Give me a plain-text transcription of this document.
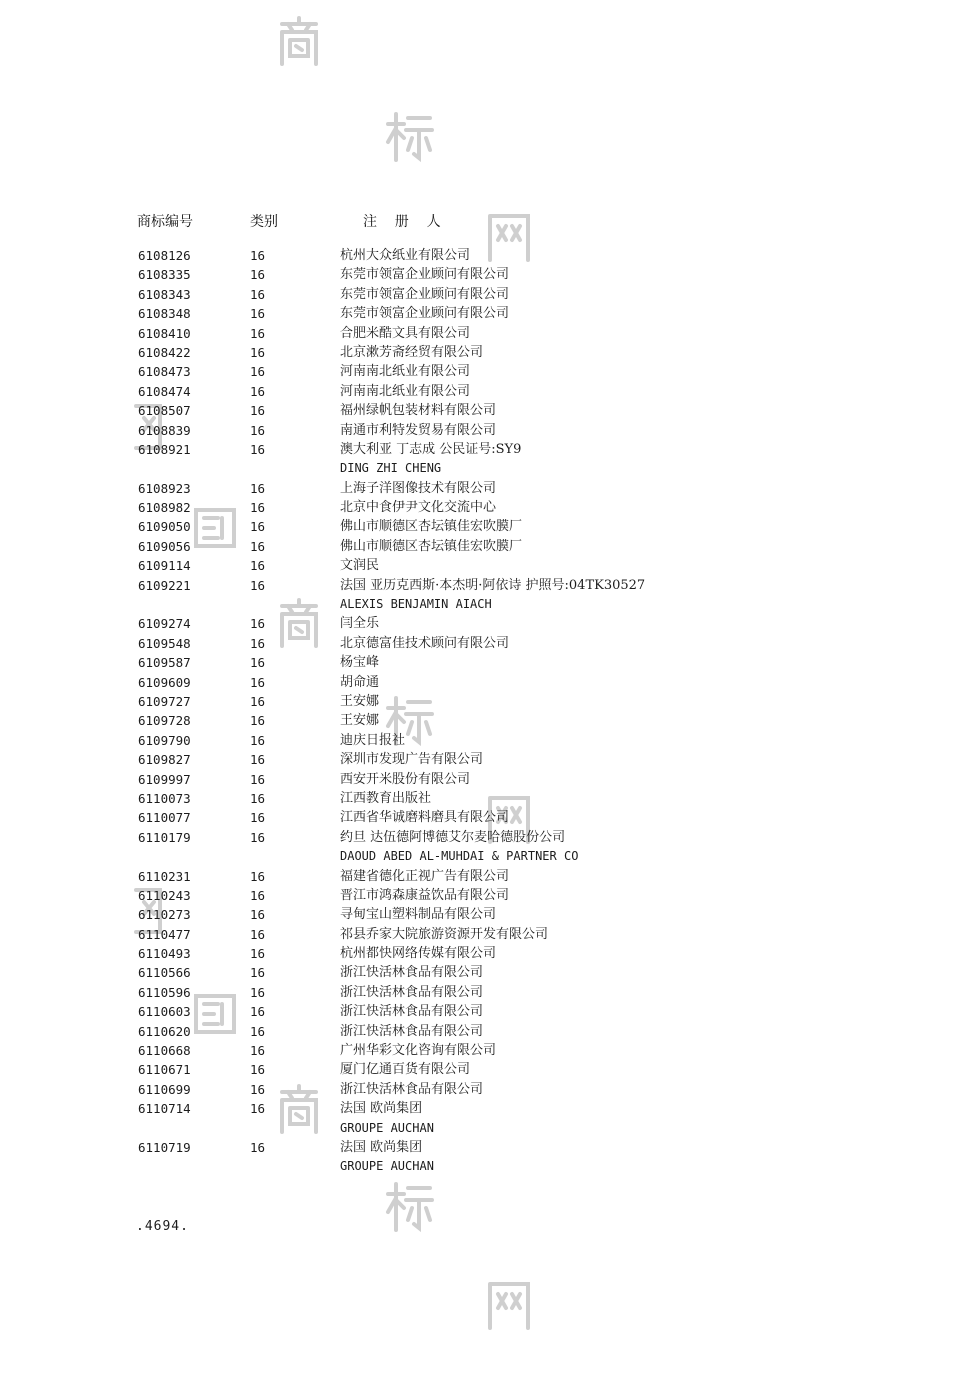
商标编号	类别	注    册    人
6108126	16	杭州大众纸业有限公司
6108335	16	东莞市领富企业顾问有限公司
6108343	16	东莞市领富企业顾问有限公司
6108348	16	东莞市领富企业顾问有限公司
6108410	16	合肥米酷文具有限公司
6108422	16	北京漱芳斋经贸有限公司
6108473	16	河南南北纸业有限公司
6108474	16	河南南北纸业有限公司
6108507	16	福州绿帆包装材料有限公司
6108839	16	南通市利特发贸易有限公司
6108921	16	澳大利亚 丁志成 公民证号:SY9
DING ZHI CHENG
6108923	16	上海子洋图像技术有限公司
6108982	16	北京中食伊尹文化交流中心
6109050	16	佛山市顺德区杏坛镇佳宏吹膜厂
6109056	16	佛山市顺德区杏坛镇佳宏吹膜厂
6109114	16	文润民
6109221	16	法国 亚历克西斯·本杰明·阿依诗 护照号:04TK30527
ALEXIS BENJAMIN AIACH
6109274	16	闫全乐
6109548	16	北京德富佳技术顾问有限公司
6109587	16	杨宝峰
6109609	16	胡命通
6109727	16	王安娜
6109728	16	王安娜
6109790	16	迪庆日报社
6109827	16	深圳市发现广告有限公司
6109997	16	西安开米股份有限公司
6110073	16	江西教育出版社
6110077	16	江西省华诚磨料磨具有限公司
6110179	16	约旦 达伍德阿博德艾尔麦哈德股份公司
DAOUD ABED AL-MUHDAI & PARTNER CO
6110231	16	福建省德化正视广告有限公司
6110243	16	晋江市鸿森康益饮品有限公司
6110273	16	寻甸宝山塑料制品有限公司
6110477	16	祁县乔家大院旅游资源开发有限公司
6110493	16	杭州都快网络传媒有限公司
6110566	16	浙江快活林食品有限公司
6110596	16	浙江快活林食品有限公司
6110603	16	浙江快活林食品有限公司
6110620	16	浙江快活林食品有限公司
6110668	16	广州华彩文化咨询有限公司
6110671	16	厦门亿通百货有限公司
6110699	16	浙江快活林食品有限公司
6110714	16	法国 欧尚集团
GROUPE AUCHAN
6110719	16	法国 欧尚集团
GROUPE AUCHAN
.4694.
